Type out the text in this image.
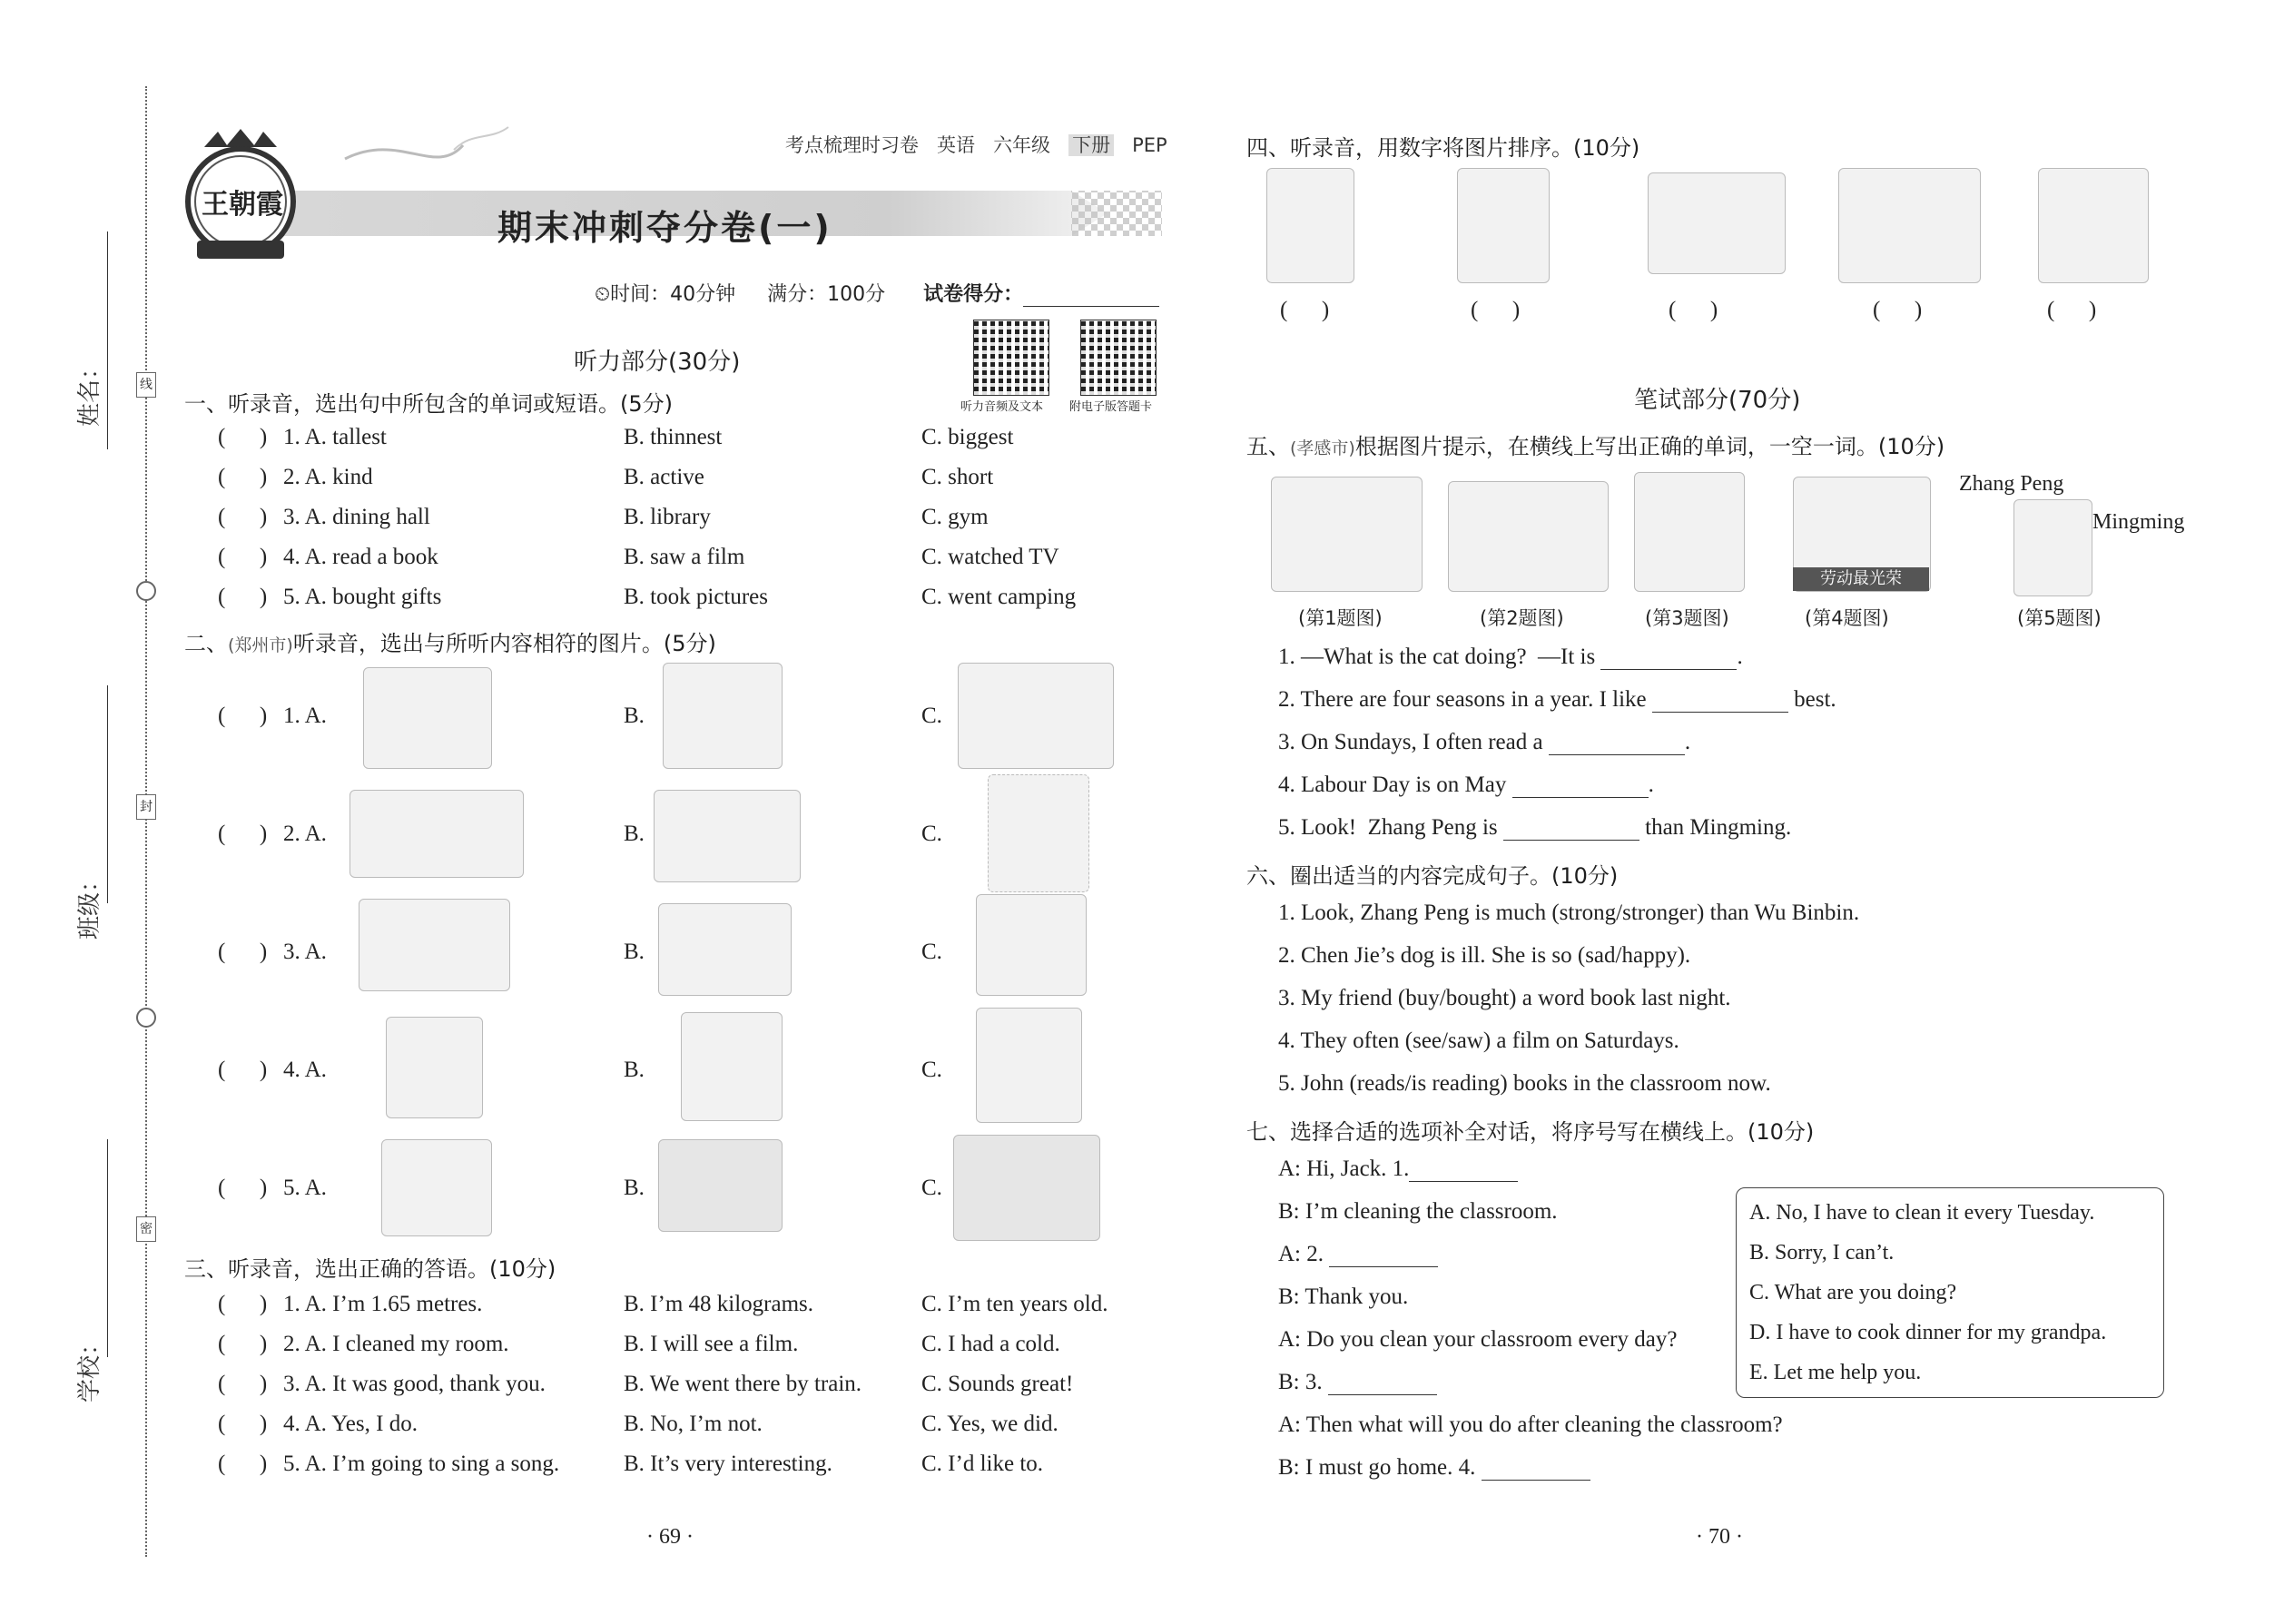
姓名：
班级：
学校：
线
封
密
王朝霞
考点梳理时习卷 英语 六年级 下册 PEP
期末冲刺夺分卷(一)
⏲时间：40分钟 满分：100分 试卷得分：
听力音频及文本 附电子版答题卡
听力部分(30分)
一、听录音，选出句中所包含的单词或短语。(5分)
(      ) 1. A. tallest	B. thinnest	C. biggest
(      ) 2. A. kind	B. active	C. short
(      ) 3. A. dining hall	B. library	C. gym
(      ) 4. A. read a book	B. saw a film	C. watched TV
(      ) 5. A. bought gifts	B. took pictures	C. went camping
二、(郑州市)听录音，选出与所听内容相符的图片。(5分)
(      ) 1. A.	B.	C.
(      ) 2. A.	B.	C.
(      ) 3. A.	B.	C.
(      ) 4. A.	B.	C.
(      ) 5. A.	B.	C.
三、听录音，选出正确的答语。(10分)
(      ) 1. A. I’m 1.65 metres.	B. I’m 48 kilograms.	C. I’m ten years old.
(      ) 2. A. I cleaned my room.	B. I will see a film.	C. I had a cold.
(      ) 3. A. It was good, thank you.	B. We went there by train.	C. Sounds great!
(      ) 4. A. Yes, I do.	B. No, I’m not.	C. Yes, we did.
(      ) 5. A. I’m going to sing a song.	B. It’s very interesting.	C. I’d like to.
· 69 ·
四、听录音，用数字将图片排序。(10分)
(      )	(      )	(      )	(      )	(      )
笔试部分(70分)
五、(孝感市)根据图片提示，在横线上写出正确的单词，一空一词。(10分)
劳动最光荣
Zhang Peng
Mingming
(第1题图)	(第2题图)	(第3题图)	(第4题图)	(第5题图)
1. —What is the cat doing?  —It is	.
2. There are four seasons in a year. I like	best.
3. On Sundays, I often read a	.
4. Labour Day is on May	.
5. Look!  Zhang Peng is	than Mingming.
六、圈出适当的内容完成句子。(10分)
1. Look, Zhang Peng is much (strong/stronger) than Wu Binbin.
2. Chen Jie’s dog is ill. She is so (sad/happy).
3. My friend (buy/bought) a word book last night.
4. They often (see/saw) a film on Saturdays.
5. John (reads/is reading) books in the classroom now.
七、选择合适的选项补全对话，将序号写在横线上。(10分)
A: Hi, Jack. 1.
B: I’m cleaning the classroom.
A: 2.
B: Thank you.
A: Do you clean your classroom every day?
B: 3.
A: Then what will you do after cleaning the classroom?
B: I must go home. 4.
A. No, I have to clean it every Tuesday.
B. Sorry, I can’t.
C. What are you doing?
D. I have to cook dinner for my grandpa.
E. Let me help you.
· 70 ·
